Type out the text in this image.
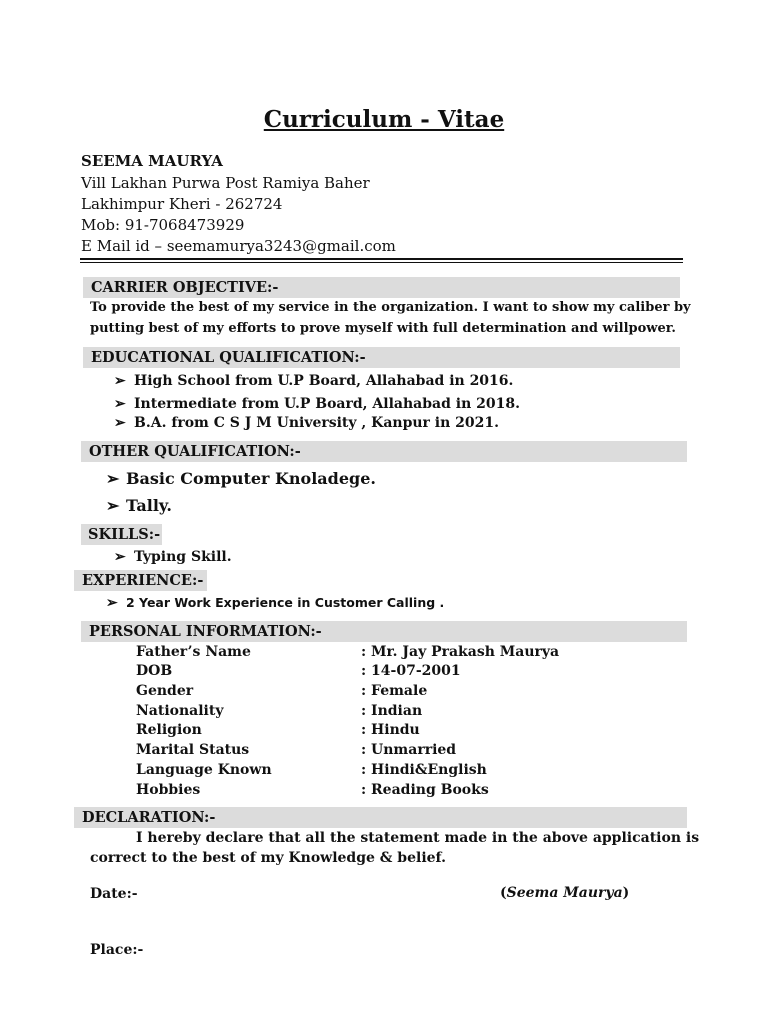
Curriculum - Vitae
SEEMA MAURYA
Vill Lakhan Purwa Post Ramiya Baher
Lakhimpur Kheri - 262724
Mob: 91-7068473929
E Mail id – seemamurya3243@gmail.com
CARRIER OBJECTIVE:-
To provide the best of my service in the organization. I want to show my caliber by
putting best of my efforts to prove myself with full determination and willpower.
EDUCATIONAL QUALIFICATION:-
➢ High School from U.P Board, Allahabad in 2016.
➢ Intermediate from U.P Board, Allahabad in 2018.
➢ B.A. from C S J M University , Kanpur in 2021.
OTHER QUALIFICATION:-
➢ Basic Computer Knoladege.
➢ Tally.
SKILLS:-
➢ Typing Skill.
EXPERIENCE:-
➢ 2 Year Work Experience in Customer Calling .
PERSONAL INFORMATION:-
Father’s Name	: Mr. Jay Prakash Maurya
DOB	: 14-07-2001
Gender	: Female
Nationality	: Indian
Religion	: Hindu
Marital Status	: Unmarried
Language Known	: Hindi&English
Hobbies	: Reading Books
DECLARATION:-
I hereby declare that all the statement made in the above application is
correct to the best of my Knowledge & belief.
Date:-	(Seema Maurya)
Place:-
